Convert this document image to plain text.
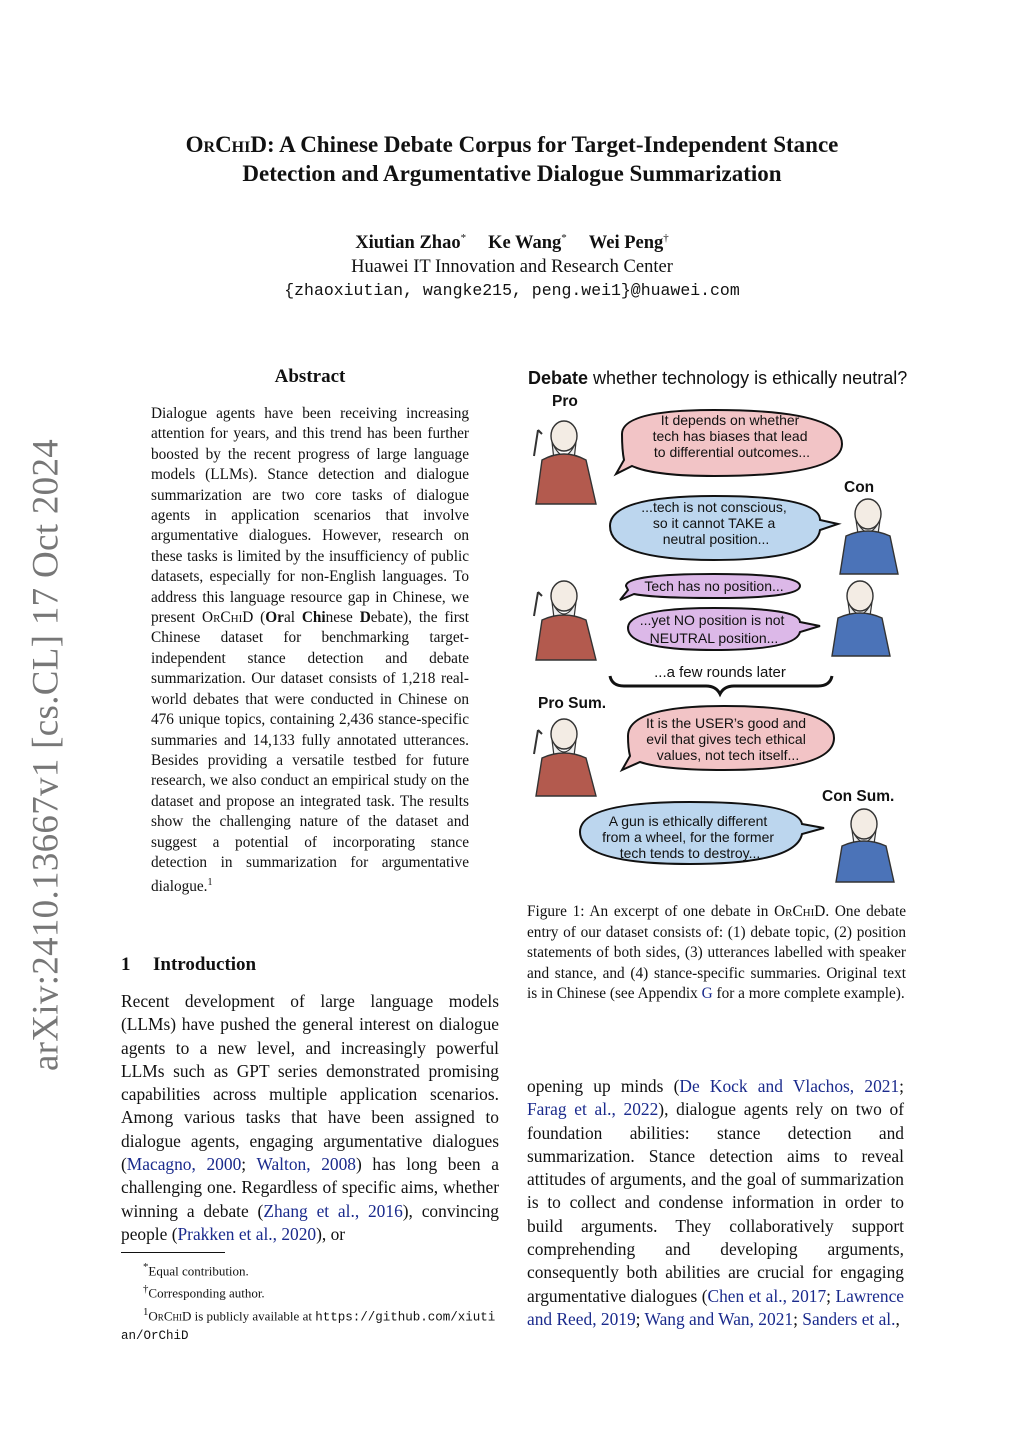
arXiv:2410.13667v1 [cs.CL] 17 Oct 2024
OrChiD: A Chinese Debate Corpus for Target-Independent Stance
Detection and Argumentative Dialogue Summarization
Xiutian Zhao* Ke Wang* Wei Peng†
Huawei IT Innovation and Research Center
{zhaoxiutian, wangke215, peng.wei1}@huawei.com
Abstract
Dialogue agents have been receiving increasing attention for years, and this trend has been further boosted by the recent progress of large language models (LLMs). Stance detection and dialogue summarization are two core tasks of dialogue agents in application scenarios that involve argumentative dialogues. However, research on these tasks is limited by the insufficiency of public datasets, especially for non-English languages. To address this language resource gap in Chinese, we present OrChiD (Oral Chinese Debate), the first Chinese dataset for benchmarking target-independent stance detection and debate summarization. Our dataset consists of 1,218 real-world debates that were conducted in Chinese on 476 unique topics, containing 2,436 stance-specific summaries and 14,133 fully annotated utterances. Besides providing a versatile testbed for future research, we also conduct an empirical study on the dataset and propose an integrated task. The results show the challenging nature of the dataset and suggest a potential of incorporating stance detection in summarization for argumentative dialogue.$^1$
1 Introduction
Recent development of large language models (LLMs) have pushed the general interest on dialogue agents to a new level, and increasingly powerful LLMs such as GPT series demonstrated promising capabilities across multiple application scenarios. Among various tasks that have been assigned to dialogue agents, engaging argumentative dialogues (Macagno, 2000; Walton, 2008) has long been a challenging one. Regardless of specific aims, whether winning a debate (Zhang et al., 2016), convincing people (Prakken et al., 2020), or
*Equal contribution.
†Corresponding author.
$^1$OrChiD is publicly available at https://github.com/xiutian/OrChiD
Debate whether technology is ethically neutral?
Pro
It depends on whether tech has biases that lead to differential outcomes...
Con
...tech is not conscious, so it cannot TAKE a neutral position...
Tech has no position...
...yet NO position is not NEUTRAL position...
...a few rounds later
Pro Sum.
It is the USER’s good and evil that gives tech ethical values, not tech itself...
Con Sum.
A gun is ethically different from a wheel, for the former tech tends to destroy...
Figure 1: An excerpt of one debate in OrChiD. One debate entry of our dataset consists of: (1) debate topic, (2) position statements of both sides, (3) utterances labelled with speaker and stance, and (4) stance-specific summaries. Original text is in Chinese (see Appendix G for a more complete example).
opening up minds (De Kock and Vlachos, 2021; Farag et al., 2022), dialogue agents rely on two of foundation abilities: stance detection and summarization. Stance detection aims to reveal attitudes of arguments, and the goal of summarization is to collect and condense information in order to build arguments. They collaboratively support comprehending and developing arguments, consequently both abilities are crucial for engaging argumentative dialogues (Chen et al., 2017; Lawrence and Reed, 2019; Wang and Wan, 2021; Sanders et al.,
